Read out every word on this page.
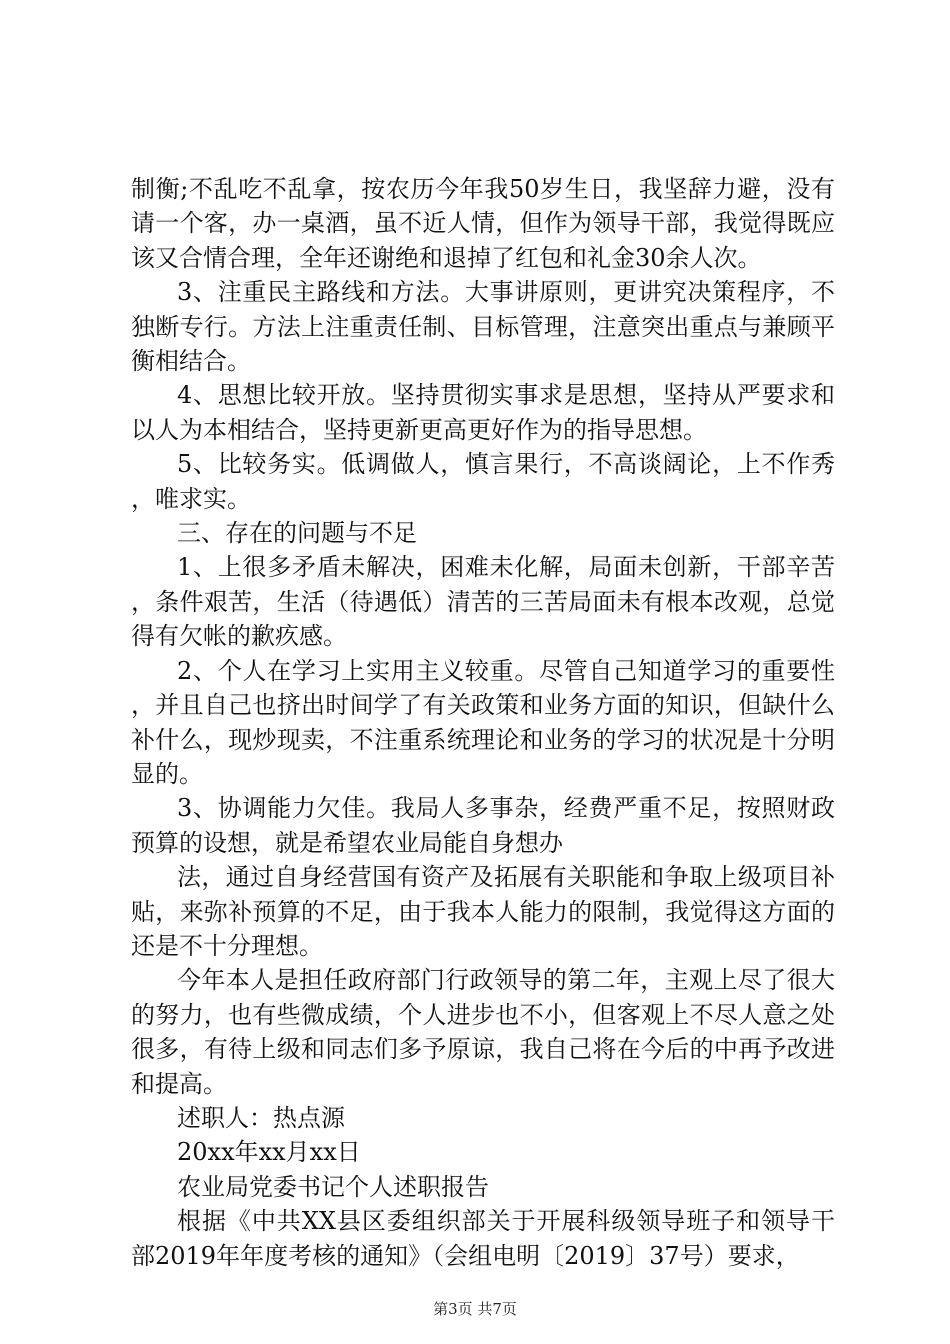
制衡;不乱吃不乱拿，按农历今年我50岁生日，我坚辞力避，没有请一个客，办一桌酒，虽不近人情，但作为领导干部，我觉得既应该又合情合理，全年还谢绝和退掉了红包和礼金30余人次。

3、注重民主路线和方法。大事讲原则，更讲究决策程序，不独断专行。方法上注重责任制、目标管理，注意突出重点与兼顾平衡相结合。

4、思想比较开放。坚持贯彻实事求是思想，坚持从严要求和以人为本相结合，坚持更新更高更好作为的指导思想。

5、比较务实。低调做人，慎言果行，不高谈阔论，上不作秀，唯求实。

三、存在的问题与不足

1、上很多矛盾未解决，困难未化解，局面未创新，干部辛苦，条件艰苦，生活（待遇低）清苦的三苦局面未有根本改观，总觉得有欠帐的歉疚感。

2、个人在学习上实用主义较重。尽管自己知道学习的重要性，并且自己也挤出时间学了有关政策和业务方面的知识，但缺什么补什么，现炒现卖，不注重系统理论和业务的学习的状况是十分明显的。

3、协调能力欠佳。我局人多事杂，经费严重不足，按照财政预算的设想，就是希望农业局能自身想办

法，通过自身经营国有资产及拓展有关职能和争取上级项目补贴，来弥补预算的不足，由于我本人能力的限制，我觉得这方面的还是不十分理想。

今年本人是担任政府部门行政领导的第二年，主观上尽了很大的努力，也有些微成绩，个人进步也不小，但客观上不尽人意之处很多，有待上级和同志们多予原谅，我自己将在今后的中再予改进和提高。

述职人：热点源

20xx年xx月xx日

农业局党委书记个人述职报告

根据《中共XX县区委组织部关于开展科级领导班子和领导干部2019年年度考核的通知》（会组电明〔2019〕37号）要求，

第3页 共7页
